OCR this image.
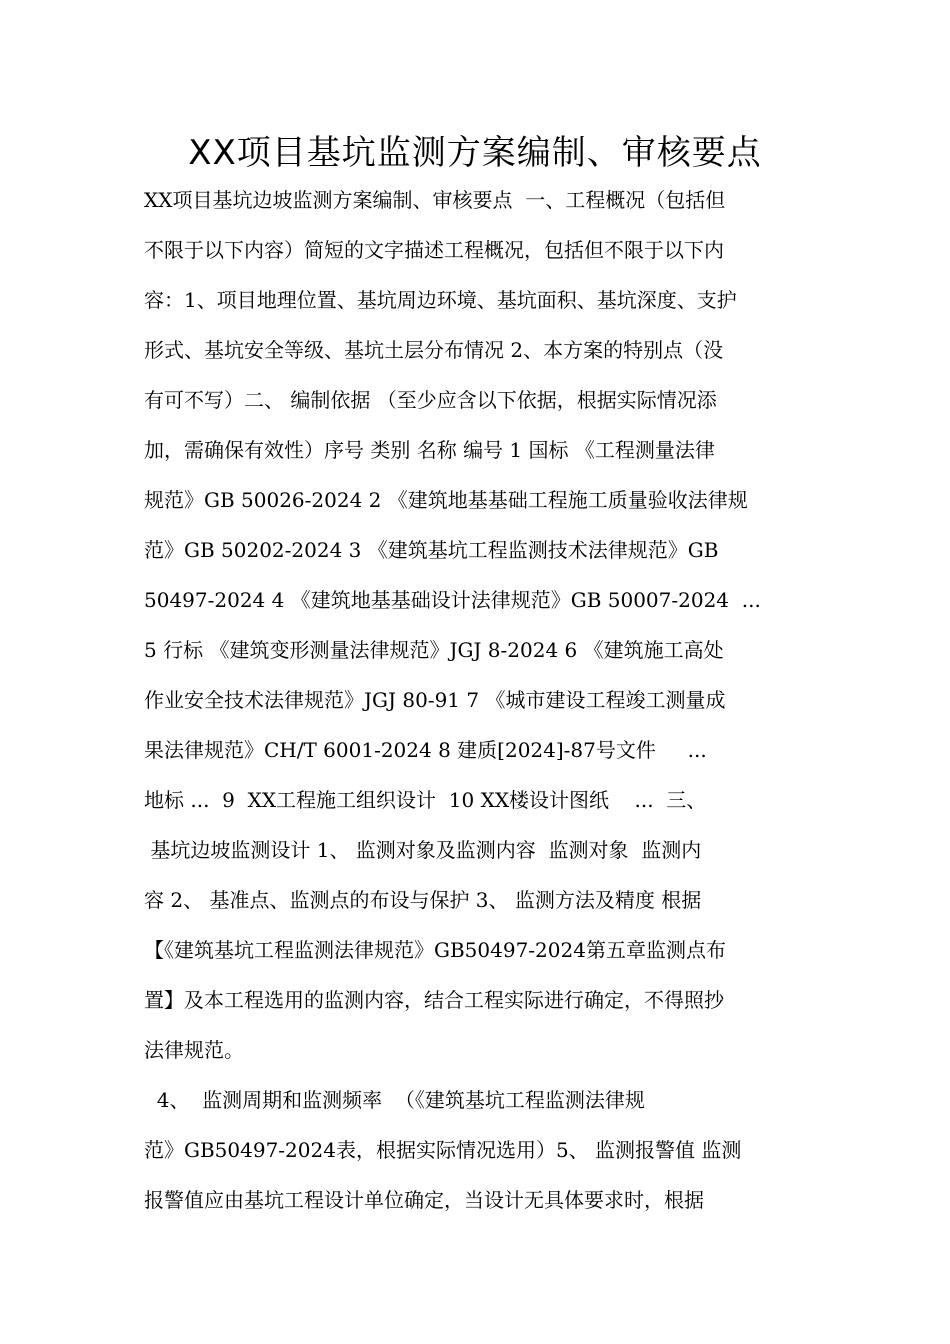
XX项目基坑监测方案编制、审核要点

XX项目基坑边坡监测方案编制、审核要点  一、工程概况（包括但

不限于以下内容）简短的文字描述工程概况，包括但不限于以下内

容：1、项目地理位置、基坑周边环境、基坑面积、基坑深度、支护

形式、基坑安全等级、基坑土层分布情况 2、本方案的特别点（没

有可不写）二、 编制依据 （至少应含以下依据，根据实际情况添

加，需确保有效性）序号 类别 名称 编号 1 国标 《工程测量法律

规范》GB 50026-2024 2 《建筑地基基础工程施工质量验收法律规

范》GB 50202-2024 3 《建筑基坑工程监测技术法律规范》GB

50497-2024 4 《建筑地基基础设计法律规范》GB 50007-2024  ...

5 行标 《建筑变形测量法律规范》JGJ 8-2024 6 《建筑施工高处

作业安全技术法律规范》JGJ 80-91 7 《城市建设工程竣工测量成

果法律规范》CH/T 6001-2024 8 建质[2024]-87号文件     ...

地标 ...  9  XX工程施工组织设计  10 XX楼设计图纸    ...  三、

基坑边坡监测设计 1、 监测对象及监测内容  监测对象  监测内

容 2、 基准点、监测点的布设与保护 3、 监测方法及精度 根据

【《建筑基坑工程监测法律规范》GB50497-2024第五章监测点布

置】及本工程选用的监测内容，结合工程实际进行确定，不得照抄

法律规范。

4、  监测周期和监测频率  （《建筑基坑工程监测法律规

范》GB50497-2024表，根据实际情况选用）5、 监测报警值 监测

报警值应由基坑工程设计单位确定，当设计无具体要求时，根据
